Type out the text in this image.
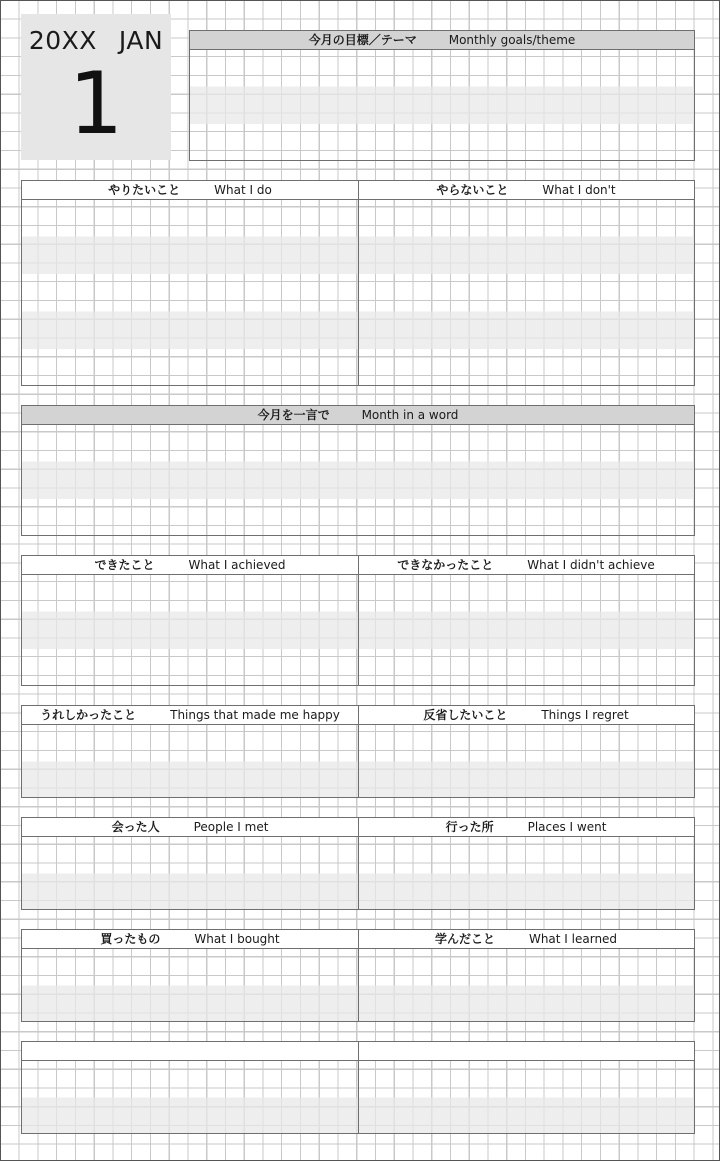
20XX JAN
1
今月の目標／テーマ	Monthly goals/theme
やりたいこと	What I do	やらないこと	What I don't
今月を一言で	Month in a word
できたこと	What I achieved	できなかったこと	What I didn't achieve
うれしかったこと	Things that made me happy	反省したいこと	Things I regret
会った人	People I met	行った所	Places I went
買ったもの	What I bought	学んだこと	What I learned
